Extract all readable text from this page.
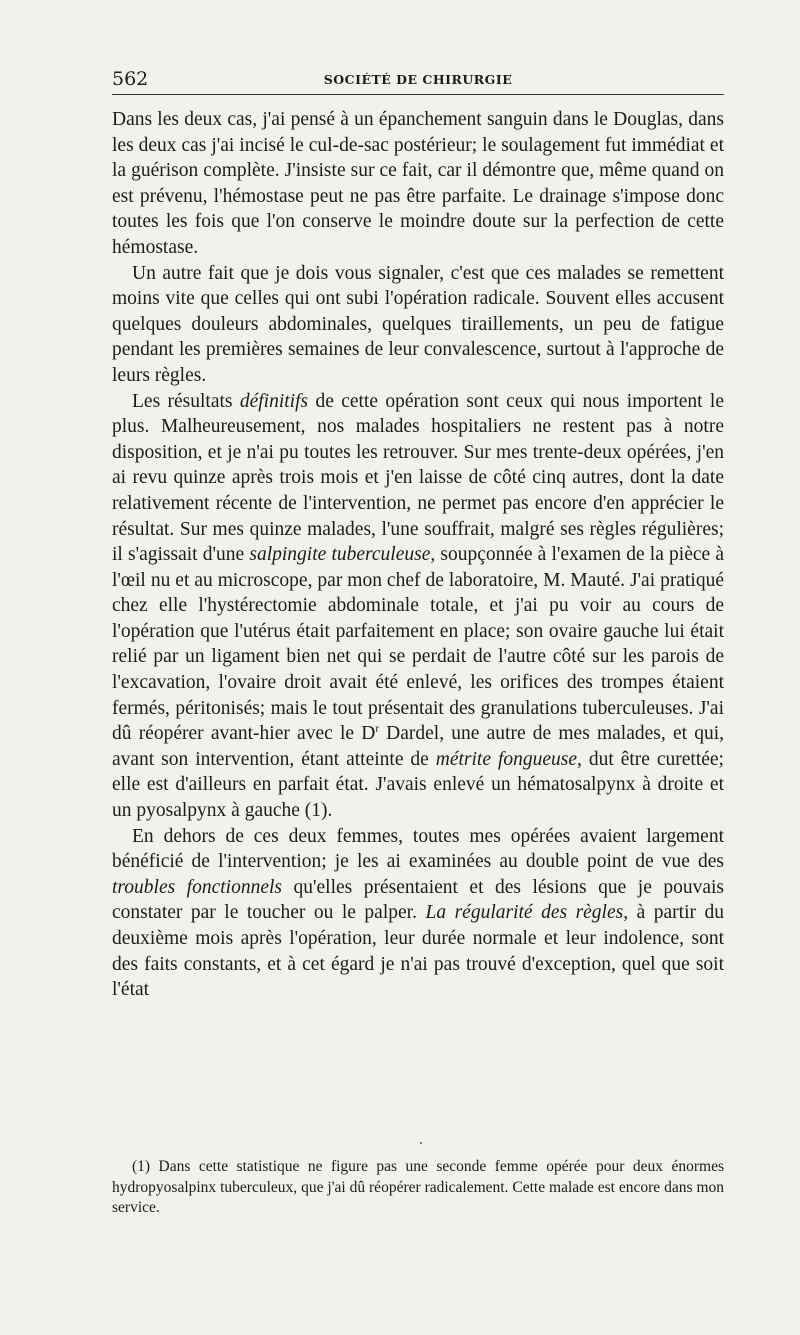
562	SOCIÉTÉ DE CHIRURGIE

Dans les deux cas, j'ai pensé à un épanchement sanguin dans le Douglas, dans les deux cas j'ai incisé le cul-de-sac postérieur; le soulagement fut immédiat et la guérison complète. J'insiste sur ce fait, car il démontre que, même quand on est prévenu, l'hémostase peut ne pas être parfaite. Le drainage s'impose donc toutes les fois que l'on conserve le moindre doute sur la perfection de cette hémostase.

Un autre fait que je dois vous signaler, c'est que ces malades se remettent moins vite que celles qui ont subi l'opération radicale. Souvent elles accusent quelques douleurs abdominales, quelques tiraillements, un peu de fatigue pendant les premières semaines de leur convalescence, surtout à l'approche de leurs règles.

Les résultats définitifs de cette opération sont ceux qui nous importent le plus. Malheureusement, nos malades hospitaliers ne restent pas à notre disposition, et je n'ai pu toutes les retrouver. Sur mes trente-deux opérées, j'en ai revu quinze après trois mois et j'en laisse de côté cinq autres, dont la date relativement récente de l'intervention, ne permet pas encore d'en apprécier le résultat. Sur mes quinze malades, l'une souffrait, malgré ses règles régulières; il s'agissait d'une salpingite tuberculeuse, soupçonnée à l'examen de la pièce à l'œil nu et au microscope, par mon chef de laboratoire, M. Mauté. J'ai pratiqué chez elle l'hystérectomie abdominale totale, et j'ai pu voir au cours de l'opération que l'utérus était parfaitement en place; son ovaire gauche lui était relié par un ligament bien net qui se perdait de l'autre côté sur les parois de l'excavation, l'ovaire droit avait été enlevé, les orifices des trompes étaient fermés, péritonisés; mais le tout présentait des granulations tuberculeuses. J'ai dû réopérer avant-hier avec le $D^r$ Dardel, une autre de mes malades, et qui, avant son intervention, étant atteinte de métrite fongueuse, dut être curettée; elle est d'ailleurs en parfait état. J'avais enlevé un hématosalpynx à droite et un pyosalpynx à gauche (1).

En dehors de ces deux femmes, toutes mes opérées avaient largement bénéficié de l'intervention; je les ai examinées au double point de vue des troubles fonctionnels qu'elles présentaient et des lésions que je pouvais constater par le toucher ou le palper. La régularité des règles, à partir du deuxième mois après l'opération, leur durée normale et leur indolence, sont des faits constants, et à cet égard je n'ai pas trouvé d'exception, quel que soit l'état

(1) Dans cette statistique ne figure pas une seconde femme opérée pour deux énormes hydropyosalpinx tuberculeux, que j'ai dû réopérer radicalement. Cette malade est encore dans mon service.
